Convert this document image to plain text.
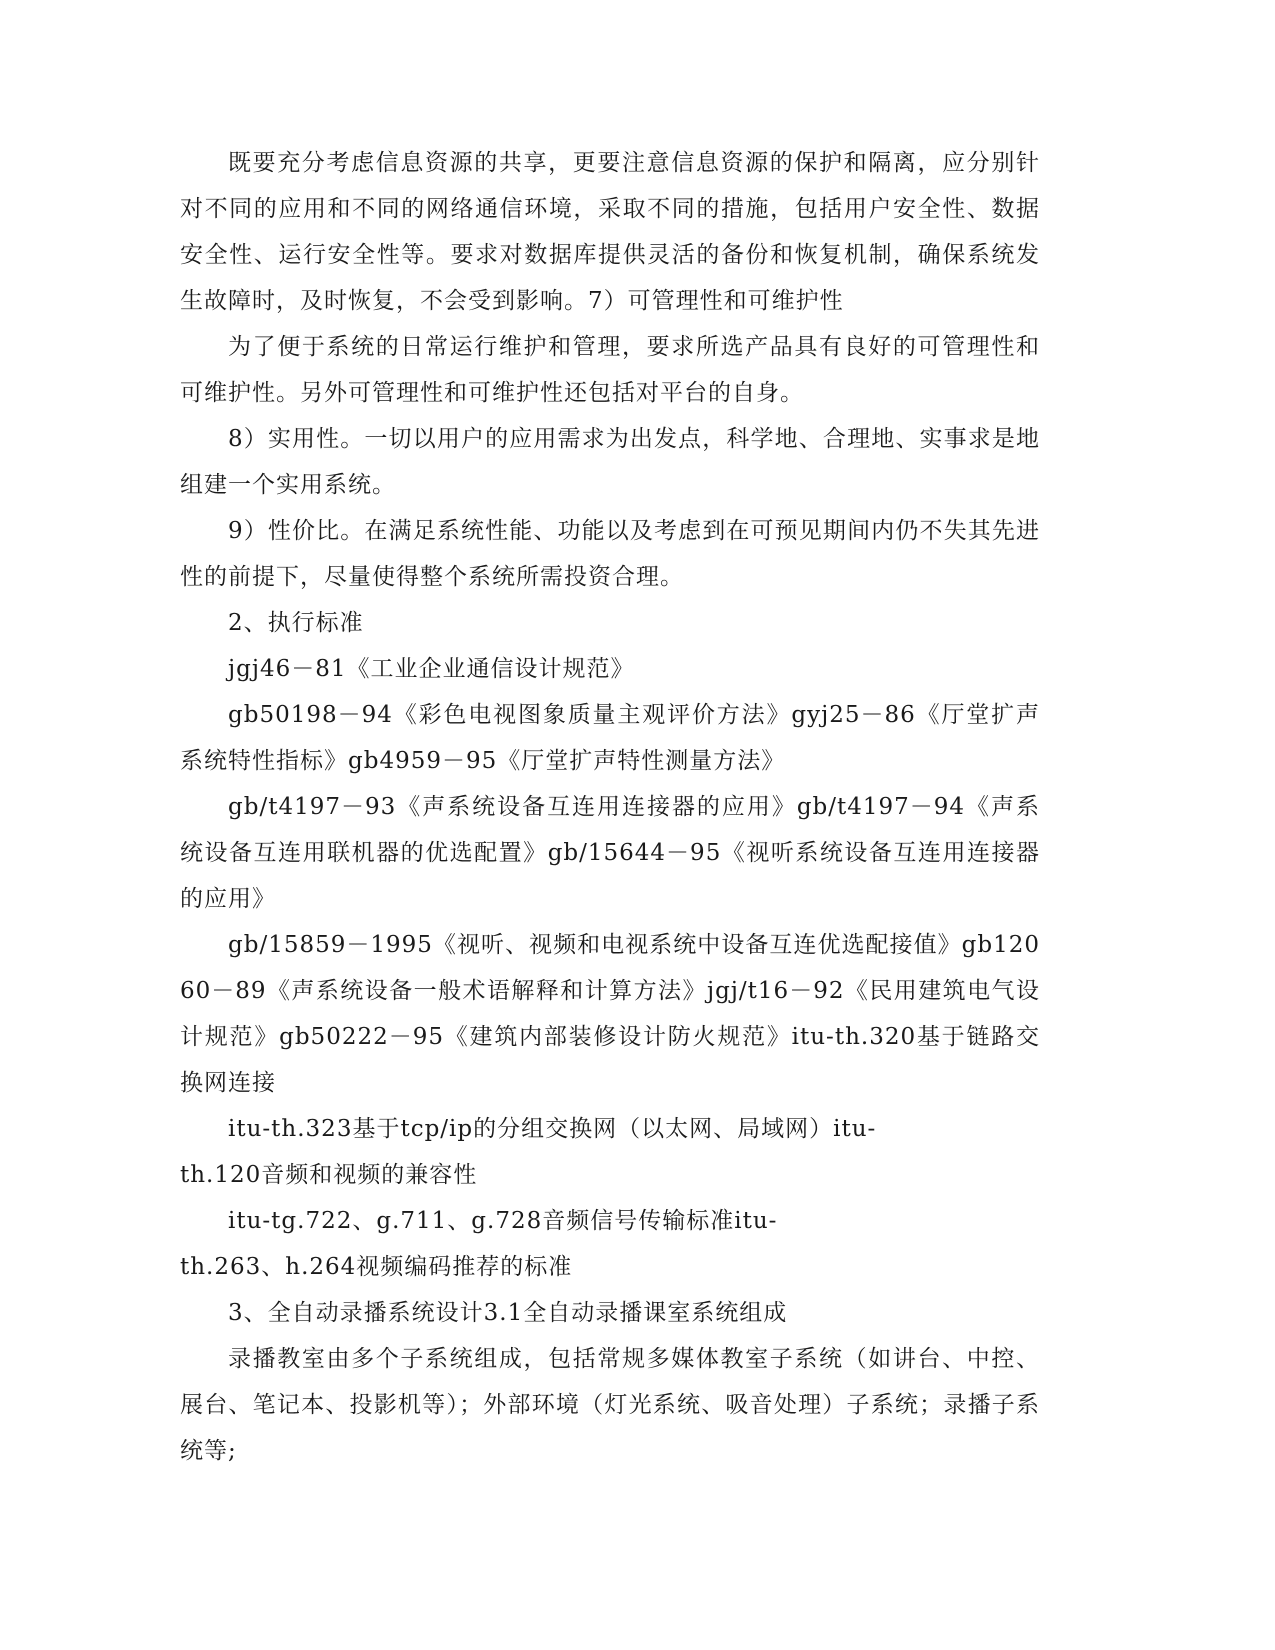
既要充分考虑信息资源的共享，更要注意信息资源的保护和隔离，应分别针对不同的应用和不同的网络通信环境，采取不同的措施，包括用户安全性、数据安全性、运行安全性等。要求对数据库提供灵活的备份和恢复机制，确保系统发生故障时，及时恢复，不会受到影响。7）可管理性和可维护性

为了便于系统的日常运行维护和管理，要求所选产品具有良好的可管理性和可维护性。另外可管理性和可维护性还包括对平台的自身。

8）实用性。一切以用户的应用需求为出发点，科学地、合理地、实事求是地组建一个实用系统。

9）性价比。在满足系统性能、功能以及考虑到在可预见期间内仍不失其先进性的前提下，尽量使得整个系统所需投资合理。

2、执行标准

jgj46－81《工业企业通信设计规范》

gb50198－94《彩色电视图象质量主观评价方法》gyj25－86《厅堂扩声系统特性指标》gb4959－95《厅堂扩声特性测量方法》

gb/t4197－93《声系统设备互连用连接器的应用》gb/t4197－94《声系统设备互连用联机器的优选配置》gb/15644－95《视听系统设备互连用连接器的应用》

gb/15859－1995《视听、视频和电视系统中设备互连优选配接值》gb12060－89《声系统设备一般术语解释和计算方法》jgj/t16－92《民用建筑电气设计规范》gb50222－95《建筑内部装修设计防火规范》itu-th.320基于链路交换网连接

itu-th.323基于tcp/ip的分组交换网（以太网、局域网）itu-
th.120音频和视频的兼容性
itu-tg.722、g.711、g.728音频信号传输标准itu-
th.263、h.264视频编码推荐的标准

3、全自动录播系统设计3.1全自动录播课室系统组成

录播教室由多个子系统组成，包括常规多媒体教室子系统（如讲台、中控、展台、笔记本、投影机等）；外部环境（灯光系统、吸音处理）子系统；录播子系统等;
